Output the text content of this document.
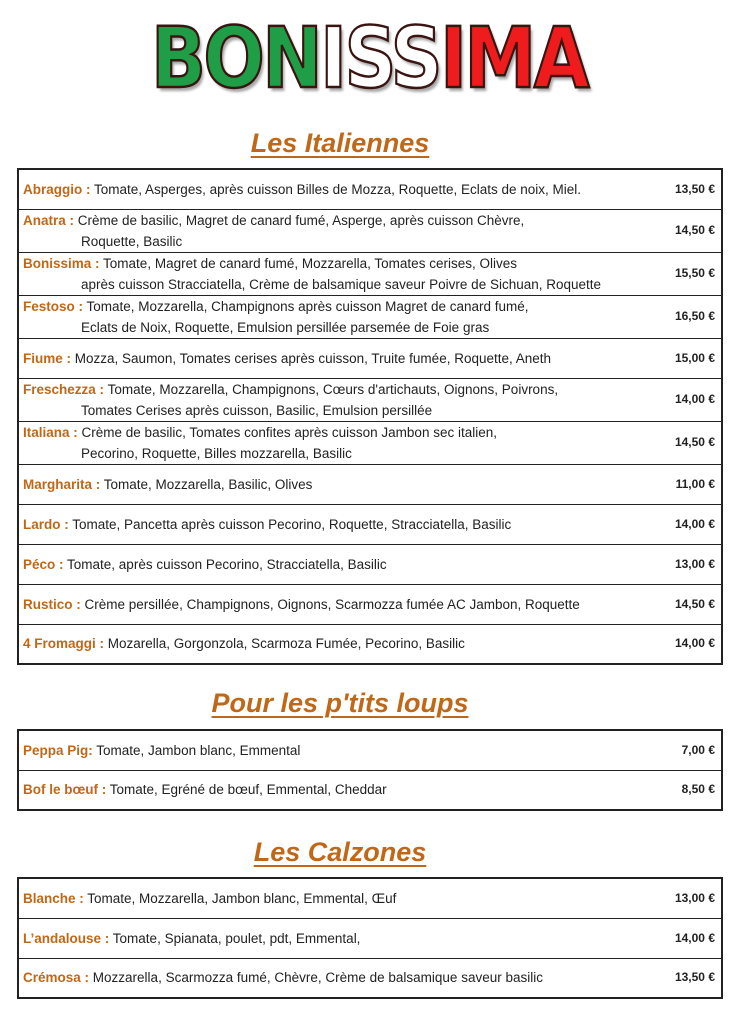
BONISSIMA
Les Italiennes
Abraggio : Tomate, Asperges, après cuisson Billes de Mozza, Roquette, Eclats de noix, Miel.	13,50 €
Anatra : Crème de basilic, Magret de canard fumé, Asperge, après cuisson Chèvre,
Roquette, Basilic	14,50 €
Bonissima : Tomate, Magret de canard fumé, Mozzarella, Tomates cerises, Olives
après cuisson Stracciatella, Crème de balsamique saveur Poivre de Sichuan, Roquette	15,50 €
Festoso : Tomate, Mozzarella, Champignons après cuisson Magret de canard fumé,
Eclats de Noix, Roquette, Emulsion persillée parsemée de Foie gras	16,50 €
Fiume : Mozza, Saumon, Tomates cerises après cuisson, Truite fumée, Roquette, Aneth	15,00 €
Freschezza : Tomate, Mozzarella, Champignons, Cœurs d'artichauts, Oignons, Poivrons,
Tomates Cerises après cuisson, Basilic, Emulsion persillée	14,00 €
Italiana : Crème de basilic, Tomates confites après cuisson Jambon sec italien,
Pecorino, Roquette, Billes mozzarella, Basilic	14,50 €
Margharita : Tomate, Mozzarella, Basilic, Olives	11,00 €
Lardo : Tomate, Pancetta après cuisson Pecorino, Roquette, Stracciatella, Basilic	14,00 €
Péco : Tomate, après cuisson Pecorino, Stracciatella, Basilic	13,00 €
Rustico : Crème persillée, Champignons, Oignons, Scarmozza fumée AC Jambon, Roquette	14,50 €
4 Fromaggi : Mozarella, Gorgonzola, Scarmoza Fumée, Pecorino, Basilic	14,00 €
Pour les p'tits loups
Peppa Pig: Tomate, Jambon blanc, Emmental	7,00 €
Bof le bœuf : Tomate, Egréné de bœuf, Emmental, Cheddar	8,50 €
Les Calzones
Blanche : Tomate, Mozzarella, Jambon blanc, Emmental, Œuf	13,00 €
L’andalouse : Tomate, Spianata, poulet, pdt, Emmental,	14,00 €
Crémosa : Mozzarella, Scarmozza fumé, Chèvre, Crème de balsamique saveur basilic	13,50 €
